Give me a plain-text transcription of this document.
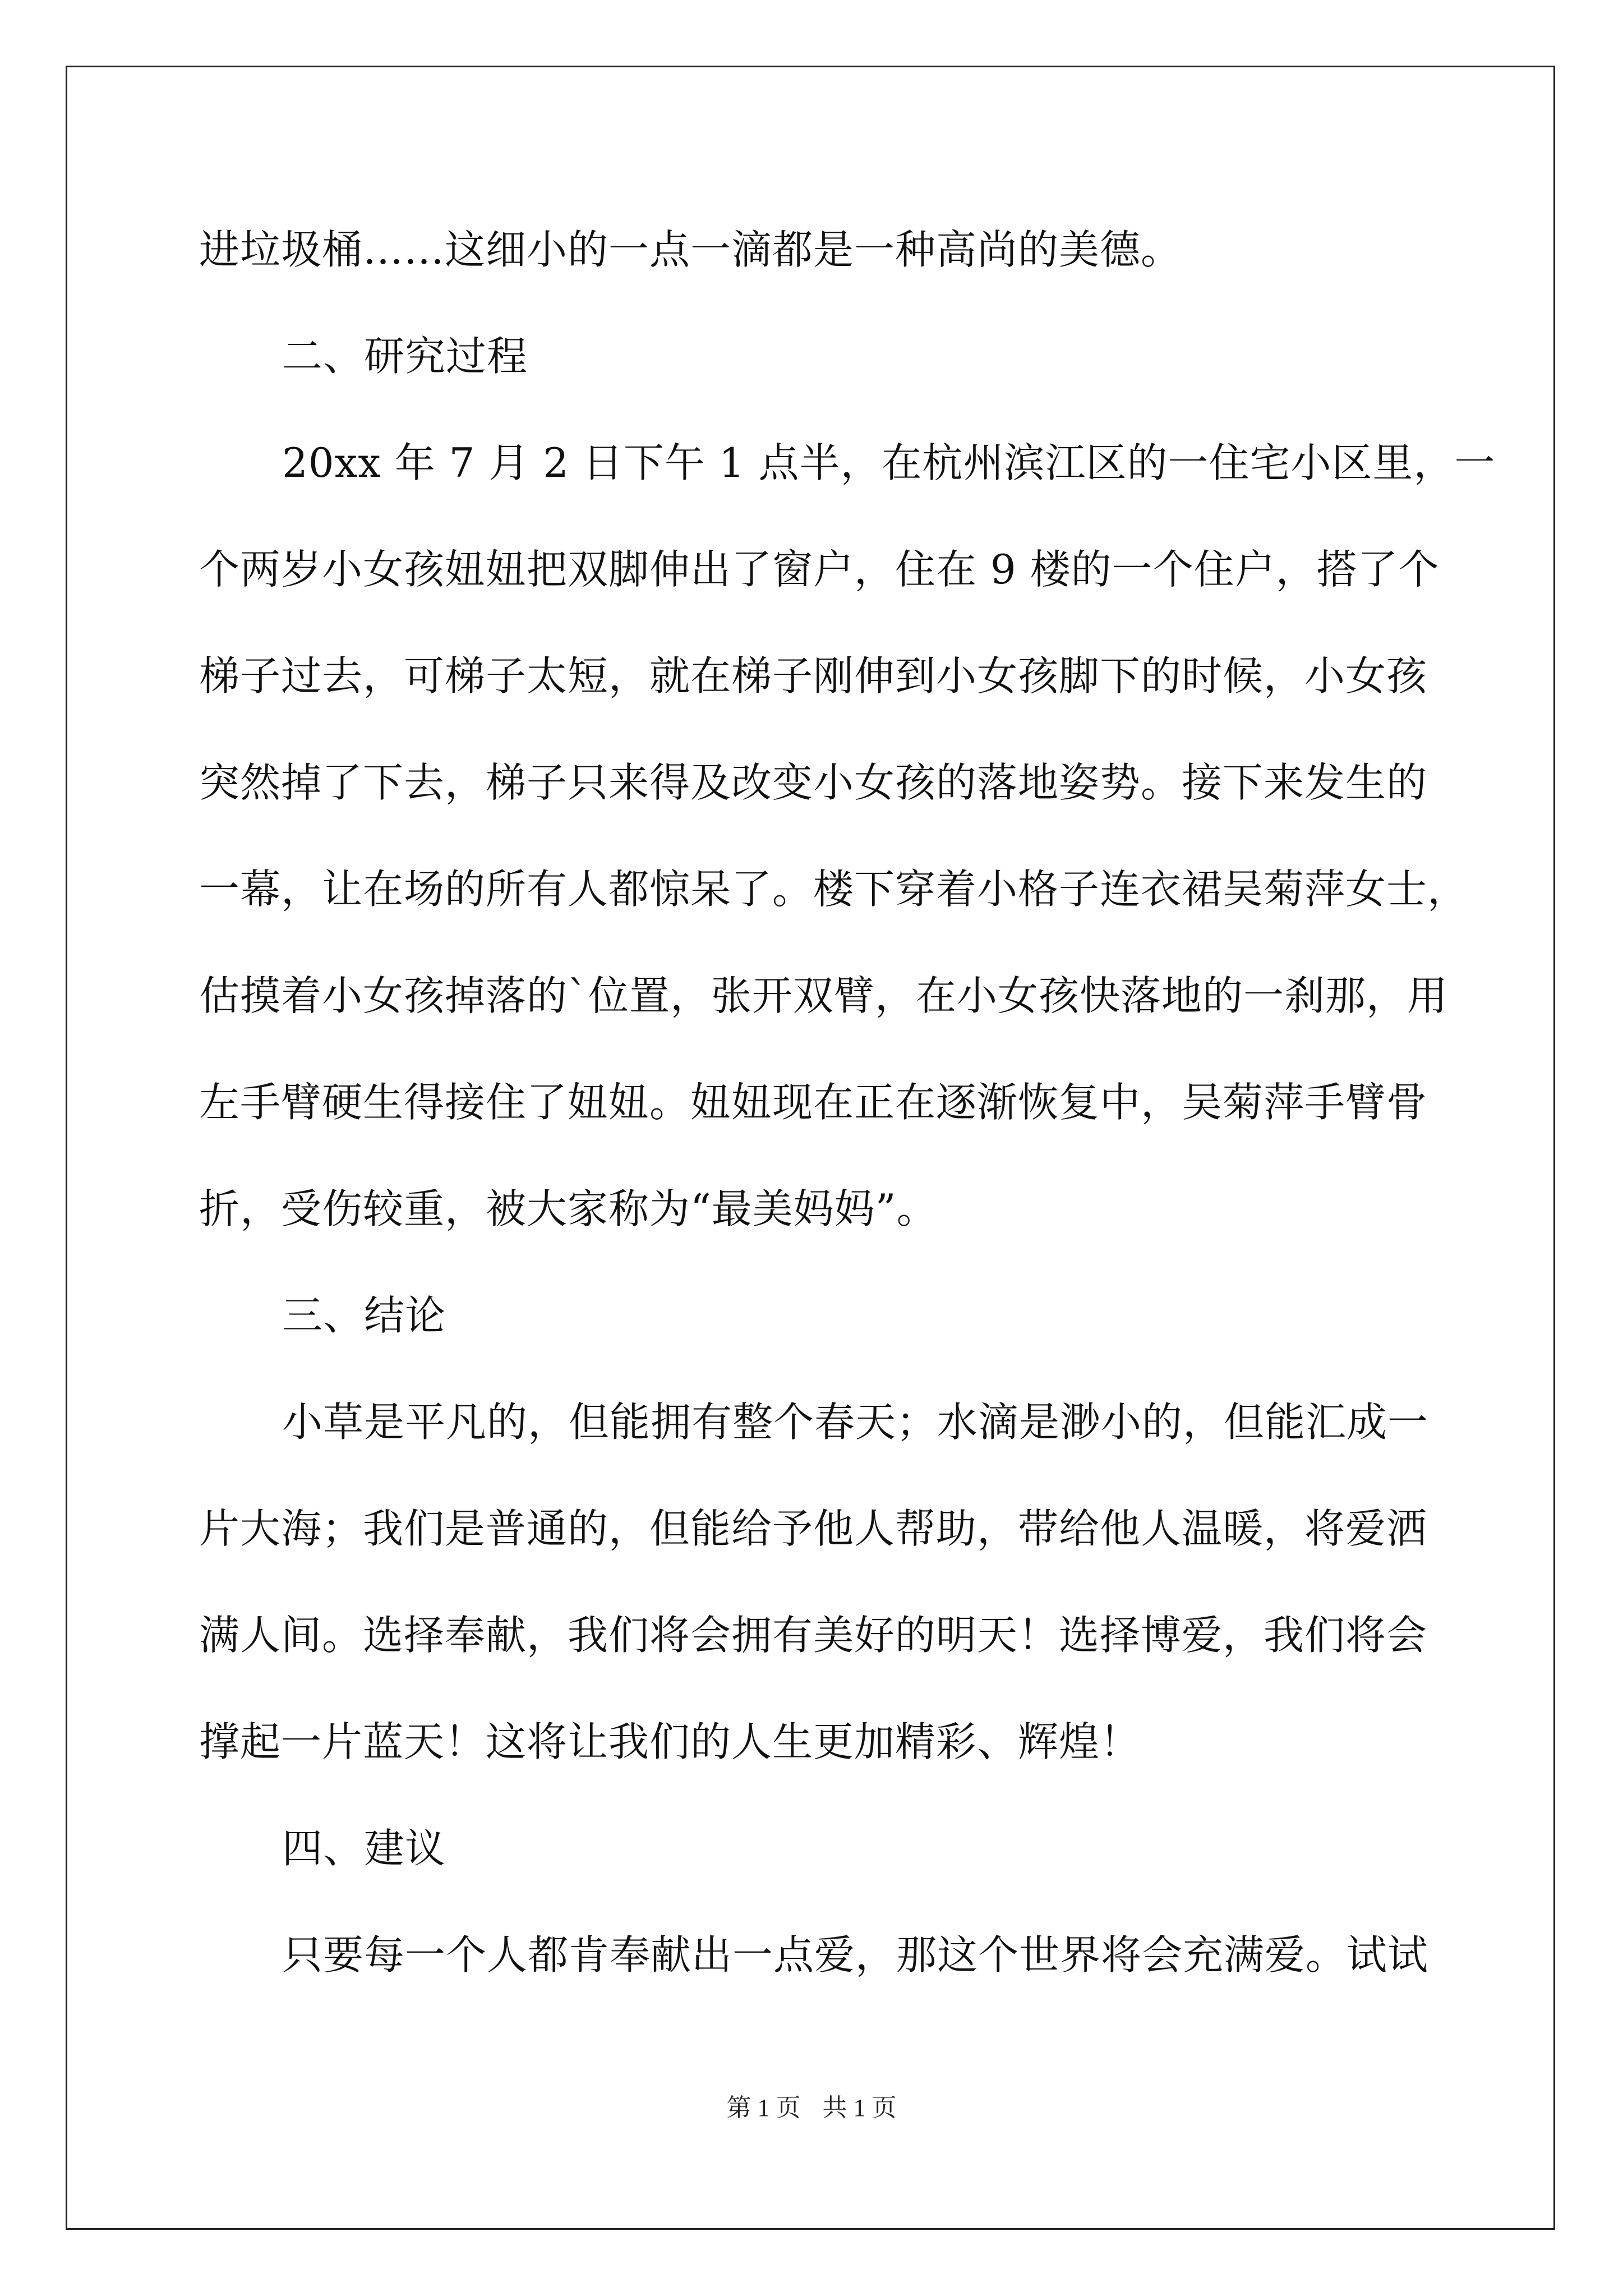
进垃圾桶……这细小的一点一滴都是一种高尚的美德。
二、研究过程
20xx 年 7 月 2 日下午 1 点半，在杭州滨江区的一住宅小区里，一
个两岁小女孩妞妞把双脚伸出了窗户，住在 9 楼的一个住户，搭了个
梯子过去，可梯子太短，就在梯子刚伸到小女孩脚下的时候，小女孩
突然掉了下去，梯子只来得及改变小女孩的落地姿势。接下来发生的
一幕，让在场的所有人都惊呆了。楼下穿着小格子连衣裙吴菊萍女士，
估摸着小女孩掉落的`位置，张开双臂，在小女孩快落地的一刹那，用
左手臂硬生得接住了妞妞。妞妞现在正在逐渐恢复中，吴菊萍手臂骨
折，受伤较重，被大家称为“最美妈妈”。
三、结论
小草是平凡的，但能拥有整个春天；水滴是渺小的，但能汇成一
片大海；我们是普通的，但能给予他人帮助，带给他人温暖，将爱洒
满人间。选择奉献，我们将会拥有美好的明天！选择博爱，我们将会
撑起一片蓝天！这将让我们的人生更加精彩、辉煌！
四、建议
只要每一个人都肯奉献出一点爱，那这个世界将会充满爱。试试
第 1 页 共 1 页
